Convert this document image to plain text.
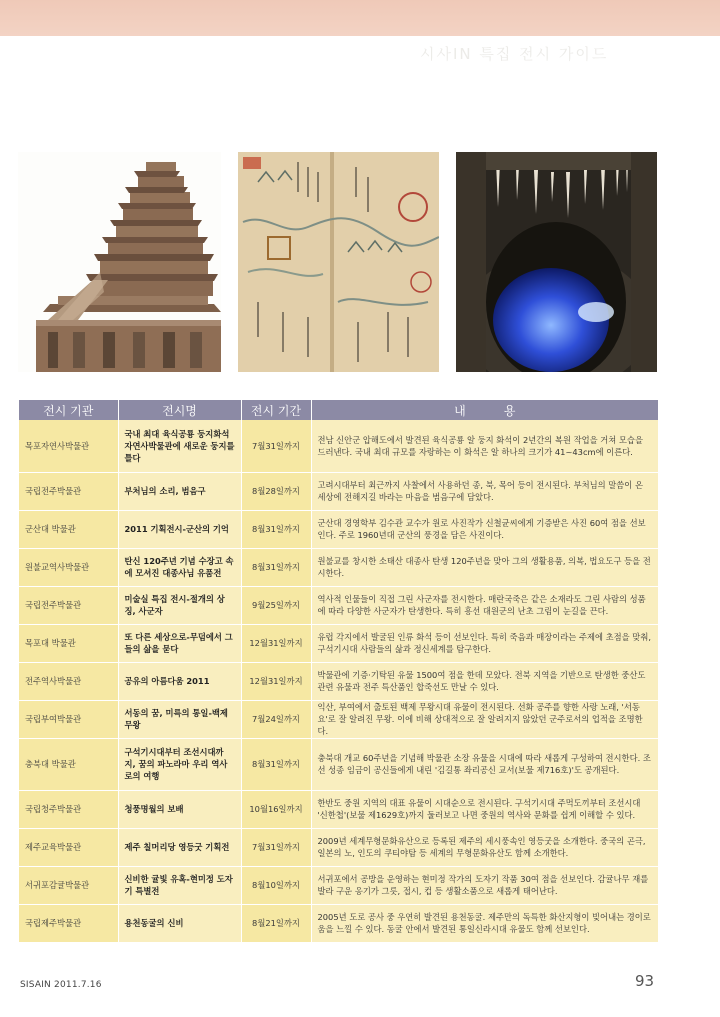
시사IN 특집 전시 가이드
전시 기관	전시명	전시 기간	내          용
목포자연사박물관	국내 최대 육식공룡 둥지화석 자연사박물관에 새로운 둥지를 틀다	7월31일까지	전남 신안군 압해도에서 발견된 육식공룡 알 둥지 화석이 2년간의 복원 작업을 거쳐 모습을 드러낸다. 국내 최대 규모를 자랑하는 이 화석은 알 하나의 크기가 41~43cm에 이른다.
국립전주박물관	부처님의 소리, 범음구	8월28일까지	고려시대부터 최근까지 사찰에서 사용하던 종, 북, 목어 등이 전시된다. 부처님의 말씀이 온 세상에 전해지길 바라는 마음을 범음구에 담았다.
군산대 박물관	2011 기획전시-군산의 기억	8월31일까지	군산대 경영학부 김수관 교수가 원로 사진작가 신철균씨에게 기증받은 사진 60여 점을 선보인다. 주로 1960년대 군산의 풍경을 담은 사진이다.
원불교역사박물관	탄신 120주년 기념 수장고 속에 모셔진 대종사님 유품전	8월31일까지	원불교를 창시한 소태산 대종사 탄생 120주년을 맞아 그의 생활용품, 의복, 법요도구 등을 전시한다.
국립전주박물관	미술실 특집 전시-절개의 상징, 사군자	9월25일까지	역사적 인물들이 직접 그린 사군자를 전시한다. 매란국죽은 같은 소재라도 그린 사람의 성품에 따라 다양한 사군자가 탄생한다. 특히 흥선 대원군의 난초 그림이 눈길을 끈다.
목포대 박물관	또 다른 세상으로-무덤에서 그들의 삶을 묻다	12월31일까지	유럽 각지에서 발굴된 인류 화석 등이 선보인다. 특히 죽음과 매장이라는 주제에 초점을 맞춰, 구석기시대 사람들의 삶과 정신세계를 탐구한다.
전주역사박물관	공유의 아름다움 2011	12월31일까지	박물관에 기증·기탁된 유물 1500여 점을 한데 모았다. 전북 지역을 기반으로 탄생한 중산도 관련 유물과 전주 특산품인 합죽선도 만날 수 있다.
국립부여박물관	서동의 꿈, 미륵의 통일-백제무왕	7월24일까지	익산, 부여에서 출토된 백제 무왕시대 유물이 전시된다. 선화 공주를 향한 사랑 노래, '서동요'로 잘 알려진 무왕. 이에 비해 상대적으로 잘 알려지지 않았던 군주로서의 업적을 조명한다.
충북대 박물관	구석기시대부터 조선시대까지, 꿈의 파노라마 우리 역사로의 여행	8월31일까지	충북대 개교 60주년을 기념해 박물관 소장 유물을 시대에 따라 새롭게 구성하여 전시한다. 조선 성종 임금이 공신들에게 내린 '김길통 좌리공신 교서(보물 제716호)'도 공개된다.
국립청주박물관	청풍명월의 보배	10월16일까지	한반도 중원 지역의 대표 유물이 시대순으로 전시된다. 구석기시대 주먹도끼부터 조선시대 '신한첩'(보물 제1629호)까지 둘러보고 나면 중원의 역사와 문화를 쉽게 이해할 수 있다.
제주교육박물관	제주 칠머리당 영등굿 기획전	7월31일까지	2009년 세계무형문화유산으로 등록된 제주의 세시풍속인 영등굿을 소개한다. 중국의 곤극, 일본의 노, 인도의 쿠티야탐 등 세계의 무형문화유산도 함께 소개한다.
서귀포감귤박물관	신비한 귤빛 유혹-현미정 도자기 특별전	8월10일까지	서귀포에서 공방을 운영하는 현미정 작가의 도자기 작품 30여 점을 선보인다. 감귤나무 재를 발라 구운 옹기가 그릇, 접시, 컵 등 생활소품으로 새롭게 태어난다.
국립제주박물관	용천동굴의 신비	8월21일까지	2005년 도로 공사 중 우연히 발견된 용천동굴. 제주만의 독특한 화산지형이 빚어내는 경이로움을 느낄 수 있다. 동굴 안에서 발견된 통일신라시대 유물도 함께 선보인다.
SISAIN 2011.7.16	93
